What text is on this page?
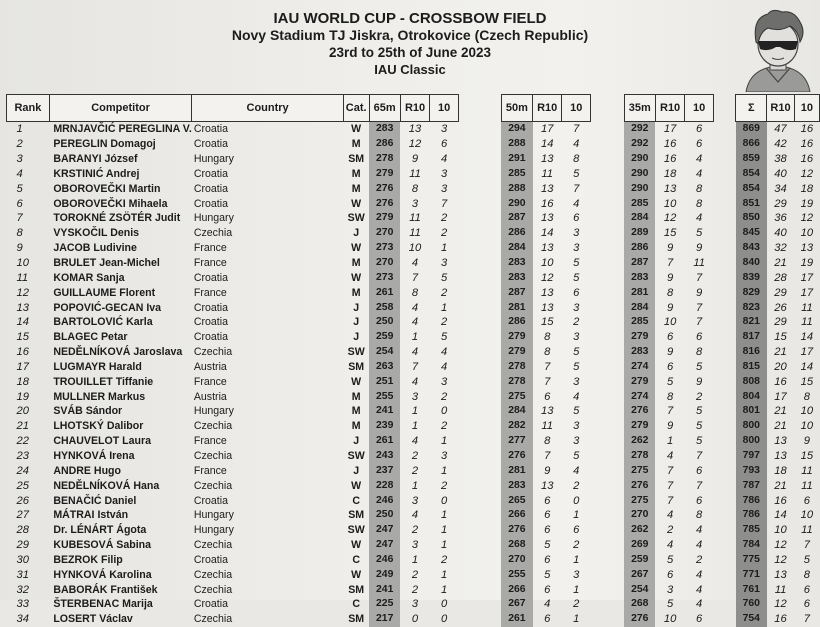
IAU WORLD CUP - CROSSBOW FIELD
Novy Stadium TJ Jiskra, Otrokovice (Czech Republic)
23rd to 25th of June 2023
IAU Classic
Rank	Competitor	Country	Cat.	65m	R10	10		50m	R10	10		35m	R10	10		Σ	R10	10
1	MRNJAVČIĆ PEREGLINA V.	Croatia	W	283	13	3		294	17	7		292	17	6		869	47	16
2	PEREGLIN Domagoj	Croatia	M	286	12	6		288	14	4		292	16	6		866	42	16
3	BARANYI József	Hungary	SM	278	9	4		291	13	8		290	16	4		859	38	16
4	KRSTINIĆ Andrej	Croatia	M	279	11	3		285	11	5		290	18	4		854	40	12
5	OBOROVEČKI Martin	Croatia	M	276	8	3		288	13	7		290	13	8		854	34	18
6	OBOROVEČKI Mihaela	Croatia	W	276	3	7		290	16	4		285	10	8		851	29	19
7	TOROKNÉ ZSÖTÉR Judit	Hungary	SW	279	11	2		287	13	6		284	12	4		850	36	12
8	VYSKOČIL Denis	Czechia	J	270	11	2		286	14	3		289	15	5		845	40	10
9	JACOB Ludivine	France	W	273	10	1		284	13	3		286	9	9		843	32	13
10	BRULET Jean-Michel	France	M	270	4	3		283	10	5		287	7	11		840	21	19
11	KOMAR Sanja	Croatia	W	273	7	5		283	12	5		283	9	7		839	28	17
12	GUILLAUME Florent	France	M	261	8	2		287	13	6		281	8	9		829	29	17
13	POPOVIĆ-GECAN Iva	Croatia	J	258	4	1		281	13	3		284	9	7		823	26	11
14	BARTOLOVIĆ Karla	Croatia	J	250	4	2		286	15	2		285	10	7		821	29	11
15	BLAGEC Petar	Croatia	J	259	1	5		279	8	3		279	6	6		817	15	14
16	NEDĚLNÍKOVÁ Jaroslava	Czechia	SW	254	4	4		279	8	5		283	9	8		816	21	17
17	LUGMAYR Harald	Austria	SM	263	7	4		278	7	5		274	6	5		815	20	14
18	TROUILLET Tiffanie	France	W	251	4	3		278	7	3		279	5	9		808	16	15
19	MULLNER Markus	Austria	M	255	3	2		275	6	4		274	8	2		804	17	8
20	SVÁB Sándor	Hungary	M	241	1	0		284	13	5		276	7	5		801	21	10
21	LHOTSKÝ Dalibor	Czechia	M	239	1	2		282	11	3		279	9	5		800	21	10
22	CHAUVELOT Laura	France	J	261	4	1		277	8	3		262	1	5		800	13	9
23	HYNKOVÁ Irena	Czechia	SW	243	2	3		276	7	5		278	4	7		797	13	15
24	ANDRE Hugo	France	J	237	2	1		281	9	4		275	7	6		793	18	11
25	NEDĚLNÍKOVÁ Hana	Czechia	W	228	1	2		283	13	2		276	7	7		787	21	11
26	BENAČIĆ Daniel	Croatia	C	246	3	0		265	6	0		275	7	6		786	16	6
27	MÁTRAI István	Hungary	SM	250	4	1		266	6	1		270	4	8		786	14	10
28	Dr. LÉNÁRT Ágota	Hungary	SW	247	2	1		276	6	6		262	2	4		785	10	11
29	KUBESOVÁ Sabina	Czechia	W	247	3	1		268	5	2		269	4	4		784	12	7
30	BEZROK Filip	Croatia	C	246	1	2		270	6	1		259	5	2		775	12	5
31	HYNKOVÁ Karolina	Czechia	W	249	2	1		255	5	3		267	6	4		771	13	8
32	BABORÁK František	Czechia	SM	241	2	1		266	6	1		254	3	4		761	11	6
33	ŠTERBENAC Marija	Croatia	C	225	3	0		267	4	2		268	5	4		760	12	6
34	LOSERT Václav	Czechia	SM	217	0	0		261	6	1		276	10	6		754	16	7
